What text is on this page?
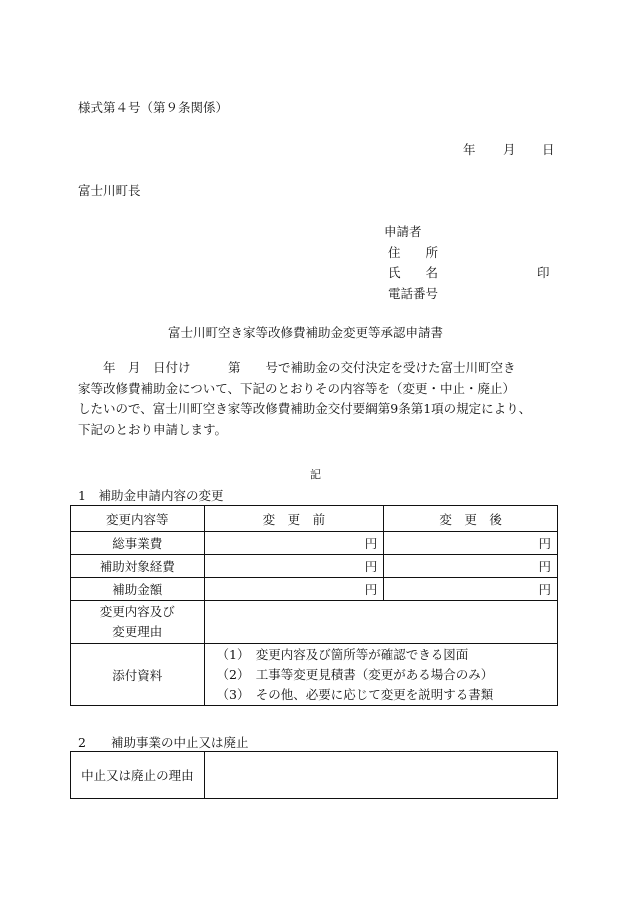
様式第４号（第９条関係）
年 月 日
富士川町長
申請者
住　　所
氏　　名	印
電話番号
富士川町空き家等改修費補助金変更等承認申請書
　　年　月　日付け　　　第　　号で補助金の交付決定を受けた富士川町空き
家等改修費補助金について、下記のとおりその内容等を（変更・中止・廃止）
したいので、富士川町空き家等改修費補助金交付要綱第9条第1項の規定により、
下記のとおり申請します。
記
1　補助金申請内容の変更
変更内容等	変　更　前	変　更　後
総事業費	円	円
補助対象経費	円	円
補助金額	円	円

変更内容及び
変更理由		

添付資料	（1）　変更内容及び箇所等が確認できる図面
（2）　工事等変更見積書（変更がある場合のみ）
（3）　その他、必要に応じて変更を説明する書類	
2　　補助事業の中止又は廃止
中止又は廃止の理由	
